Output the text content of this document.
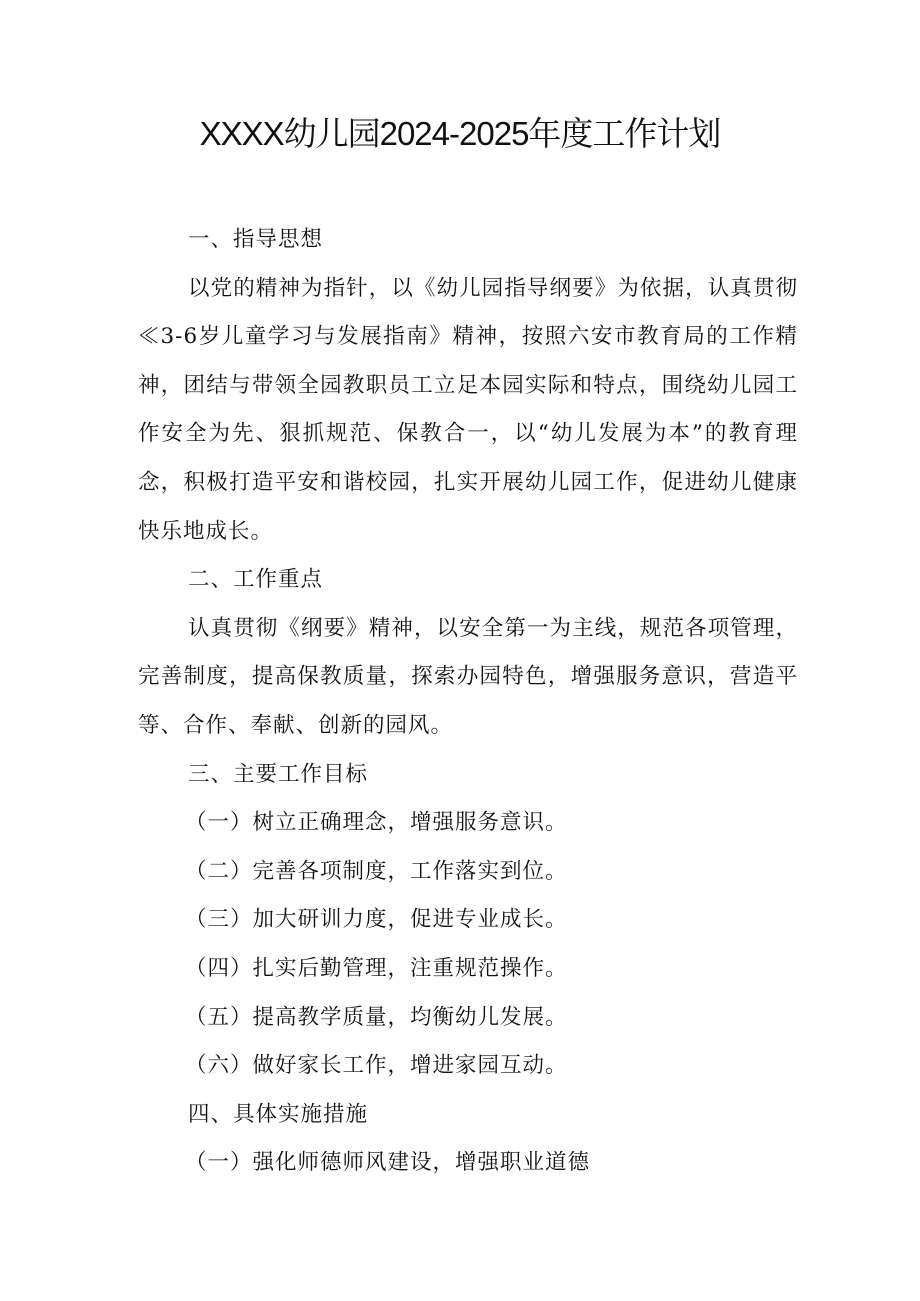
XXXX幼儿园2024-2025年度工作计划

一、指导思想

以党的精神为指针，以《幼儿园指导纲要》为依据，认真贯彻≪3-6岁儿童学习与发展指南》精神，按照六安市教育局的工作精神，团结与带领全园教职员工立足本园实际和特点，围绕幼儿园工作安全为先、狠抓规范、保教合一，以“幼儿发展为本”的教育理念，积极打造平安和谐校园，扎实开展幼儿园工作，促进幼儿健康快乐地成长。

二、工作重点

认真贯彻《纲要》精神，以安全第一为主线，规范各项管理，完善制度，提高保教质量，探索办园特色，增强服务意识，营造平等、合作、奉献、创新的园风。

三、主要工作目标

（一）树立正确理念，增强服务意识。

（二）完善各项制度，工作落实到位。

（三）加大研训力度，促进专业成长。

（四）扎实后勤管理，注重规范操作。

（五）提高教学质量，均衡幼儿发展。

（六）做好家长工作，增进家园互动。

四、具体实施措施

（一）强化师德师风建设，增强职业道德
